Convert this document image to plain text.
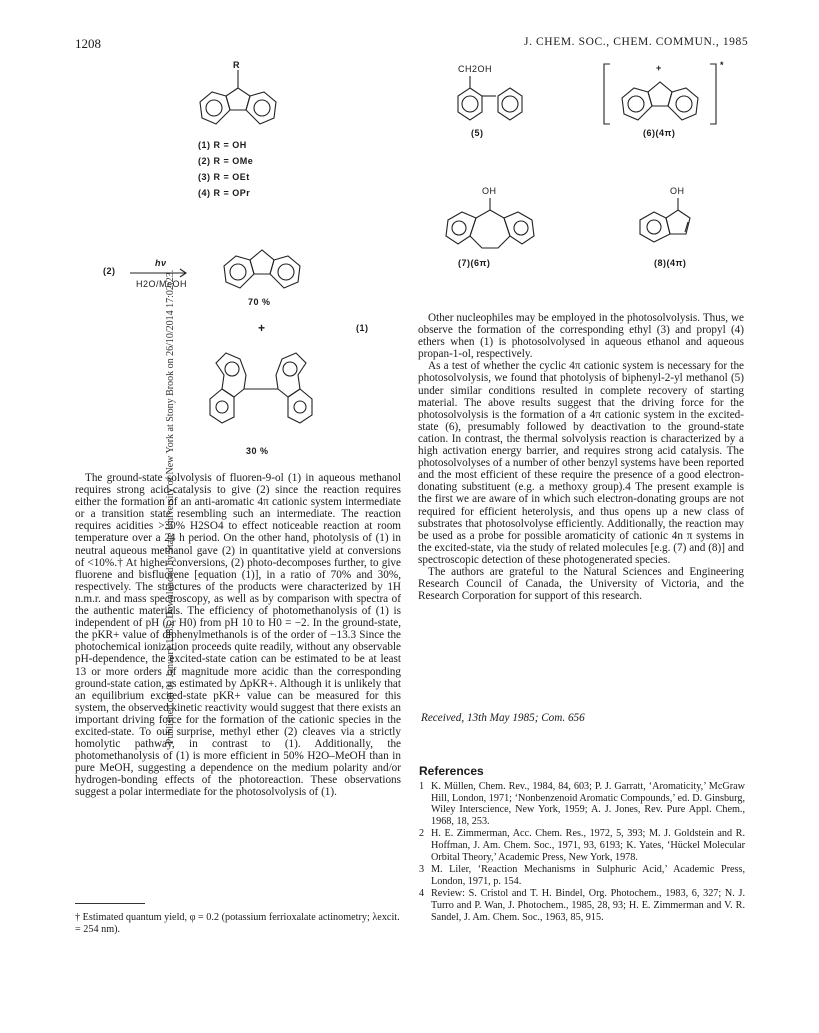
1208	J. CHEM. SOC., CHEM. COMMUN., 1985
Published on 01 January 1985. Downloaded by State University of New York at Stony Brook on 26/10/2014 17:02:23.
R
(1) R = OH
(2) R = OMe
(3) R = OEt
(4) R = OPr
(2)
hν
H2O/MeOH
70 %
+	(1)
30 %
CH2OH
(5)
+	*
(6)(4π)
OH
(7)(6π)
OH
(8)(4π)

The ground-state solvolysis of fluoren-9-ol (1) in aqueous methanol requires strong acid-catalysis to give (2) since the reaction requires either the formation of an anti-aromatic 4π cationic system intermediate or a transition state resembling such an intermediate. The reaction requires acidities >30% H2SO4 to effect noticeable reaction at room temperature over a 24 h period. On the other hand, photolysis of (1) in neutral aqueous methanol gave (2) in quantitative yield at conversions of <10%.† At higher conversions, (2) photo-decomposes further, to give fluorene and bisfluorene [equation (1)], in a ratio of 70% and 30%, respectively. The structures of the products were characterized by 1H n.m.r. and mass spectroscopy, as well as by comparison with spectra of the authentic materials. The efficiency of photomethanolysis of (1) is independent of pH (or H0) from pH 10 to H0 = −2. In the ground-state, the pKR+ value of diphenylmethanols is of the order of −13.3 Since the photochemical ionization proceeds quite readily, without any observable pH-dependence, the excited-state cation can be estimated to be at least 13 or more orders of magnitude more acidic than the corresponding ground-state cation, as estimated by ΔpKR+. Although it is unlikely that an equilibrium excited-state pKR+ value can be measured for this system, the observed kinetic reactivity would suggest that there exists an important driving force for the formation of the cationic species in the excited-state. To our surprise, methyl ether (2) cleaves via a strictly homolytic pathway, in contrast to (1). Additionally, the photomethanolysis of (1) is more efficient in 50% H2O–MeOH than in pure MeOH, suggesting a dependence on the medium polarity and/or hydrogen-bonding effects of the photoreaction. These observations suggest a polar intermediate for the photosolvolysis of (1).

† Estimated quantum yield, φ = 0.2 (potassium ferrioxalate actinometry; λexcit. = 254 nm).

Other nucleophiles may be employed in the photosolvolysis. Thus, we observe the formation of the corresponding ethyl (3) and propyl (4) ethers when (1) is photosolvolysed in aqueous ethanol and aqueous propan-1-ol, respectively.

As a test of whether the cyclic 4π cationic system is necessary for the photosolvolysis, we found that photolysis of biphenyl-2-yl methanol (5) under similar conditions resulted in complete recovery of starting material. The above results suggest that the driving force for the photosolvolysis is the formation of a 4π cationic system in the excited-state (6), presumably followed by deactivation to the ground-state cation. In contrast, the thermal solvolysis reaction is characterized by a high activation energy barrier, and requires strong acid catalysis. The photosolvolyses of a number of other benzyl systems have been reported and the most efficient of these require the presence of a good electron-donating substituent (e.g. a methoxy group).4 The present example is the first we are aware of in which such electron-donating groups are not required for efficient heterolysis, and thus opens up a new class of substrates that photosolvolyse efficiently. Additionally, the reaction may be used as a probe for possible aromaticity of cationic 4n π systems in the excited-state, via the study of related molecules [e.g. (7) and (8)] and spectroscopic detection of these photogenerated species.

The authors are grateful to the Natural Sciences and Engineering Research Council of Canada, the University of Victoria, and the Research Corporation for support of this research.

Received, 13th May 1985; Com. 656
References
1 K. Müllen, Chem. Rev., 1984, 84, 603; P. J. Garratt, ‘Aromaticity,’ McGraw Hill, London, 1971; ‘Nonbenzenoid Aromatic Compounds,’ ed. D. Ginsburg, Wiley Interscience, New York, 1959; A. J. Jones, Rev. Pure Appl. Chem., 1968, 18, 253.
2 H. E. Zimmerman, Acc. Chem. Res., 1972, 5, 393; M. J. Goldstein and R. Hoffman, J. Am. Chem. Soc., 1971, 93, 6193; K. Yates, ‘Hückel Molecular Orbital Theory,’ Academic Press, New York, 1978.
3 M. Liler, ‘Reaction Mechanisms in Sulphuric Acid,’ Academic Press, London, 1971, p. 154.
4 Review: S. Cristol and T. H. Bindel, Org. Photochem., 1983, 6, 327; N. J. Turro and P. Wan, J. Photochem., 1985, 28, 93; H. E. Zimmerman and V. R. Sandel, J. Am. Chem. Soc., 1963, 85, 915.
